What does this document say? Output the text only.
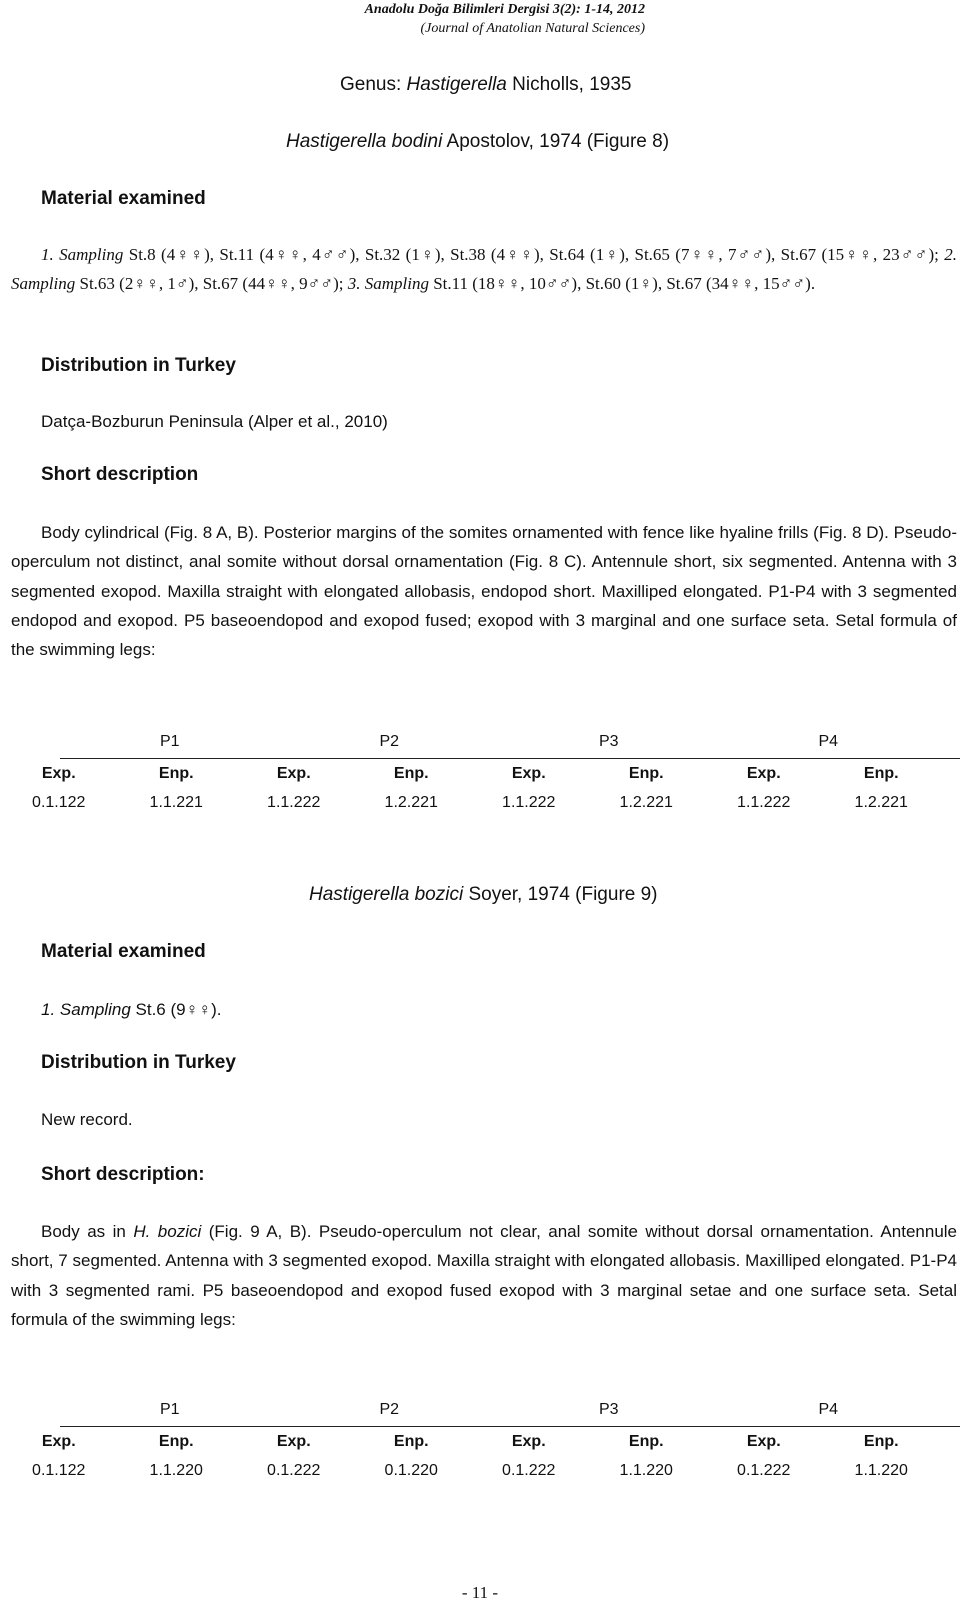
Anadolu Doğa Bilimleri Dergisi 3(2): 1-14, 2012
(Journal of Anatolian Natural Sciences)
Genus: Hastigerella Nicholls, 1935
Hastigerella bodini Apostolov, 1974 (Figure 8)
Material examined

1. Sampling St.8 (4♀♀), St.11 (4♀♀, 4♂♂), St.32 (1♀), St.38 (4♀♀), St.64 (1♀), St.65 (7♀♀, 7♂♂), St.67 (15♀♀, 23♂♂); 2. Sampling St.63 (2♀♀, 1♂), St.67 (44♀♀, 9♂♂); 3. Sampling St.11 (18♀♀, 10♂♂), St.60 (1♀), St.67 (34♀♀, 15♂♂).

Distribution in Turkey
Datça-Bozburun Peninsula (Alper et al., 2010)
Short description

Body cylindrical (Fig. 8 A, B). Posterior margins of the somites ornamented with fence like hyaline frills (Fig. 8 D). Pseudo-operculum not distinct, anal somite without dorsal ornamentation (Fig. 8 C). Antennule short, six segmented. Antenna with 3 segmented exopod. Maxilla straight with elongated allobasis, endopod short. Maxilliped elongated. P1-P4 with 3 segmented endopod and exopod. P5 baseoendopod and exopod fused; exopod with 3 marginal and one surface seta. Setal formula of the swimming legs:

	P1	P2	P3	P4	
Exp.	Enp.	Exp.	Enp.	Exp.	Enp.	Exp.	Enp.	
0.1.122	1.1.221	1.1.222	1.2.221	1.1.222	1.2.221	1.1.222	1.2.221	
Hastigerella bozici Soyer, 1974 (Figure 9)
Material examined
1. Sampling St.6 (9♀♀).
Distribution in Turkey
New record.
Short description:

Body as in H. bozici (Fig. 9 A, B). Pseudo-operculum not clear, anal somite without dorsal ornamentation. Antennule short, 7 segmented. Antenna with 3 segmented exopod. Maxilla straight with elongated allobasis. Maxilliped elongated. P1-P4 with 3 segmented rami. P5 baseoendopod and exopod fused exopod with 3 marginal setae and one surface seta. Setal formula of the swimming legs:

	P1	P2	P3	P4	
Exp.	Enp.	Exp.	Enp.	Exp.	Enp.	Exp.	Enp.	
0.1.122	1.1.220	0.1.222	0.1.220	0.1.222	1.1.220	0.1.222	1.1.220	
- 11 -
